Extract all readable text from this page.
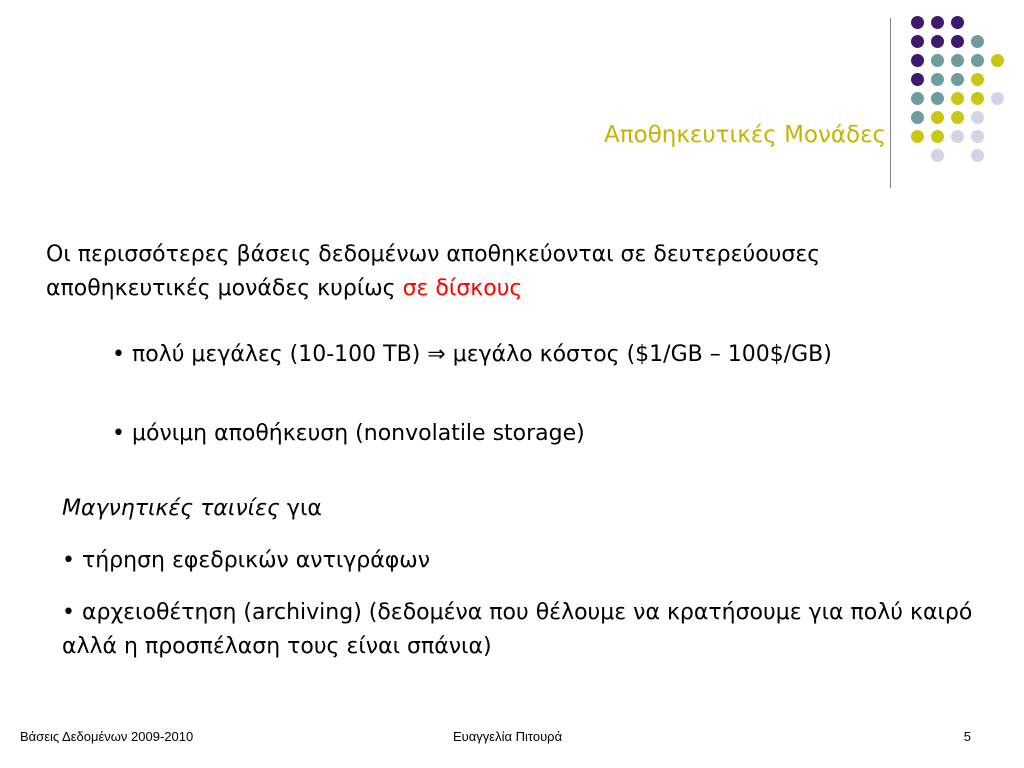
Αποθηκευτικές Μονάδες
Οι περισσότερες βάσεις δεδομένων αποθηκεύονται σε δευτερεύουσες αποθηκευτικές μονάδες κυρίως σε δίσκους
• πολύ μεγάλες (10-100 TB) ⇒ μεγάλο κόστος ($1/GB – 100$/GB)
• μόνιμη αποθήκευση (nonvolatile storage)
Μαγνητικές ταινίες για
• τήρηση εφεδρικών αντιγράφων
• αρχειοθέτηση (archiving) (δεδομένα που θέλουμε να κρατήσουμε για πολύ καιρό αλλά η προσπέλαση τους είναι σπάνια)
Βάσεις Δεδομένων 2009-2010	Ευαγγελία Πιτουρά	5
